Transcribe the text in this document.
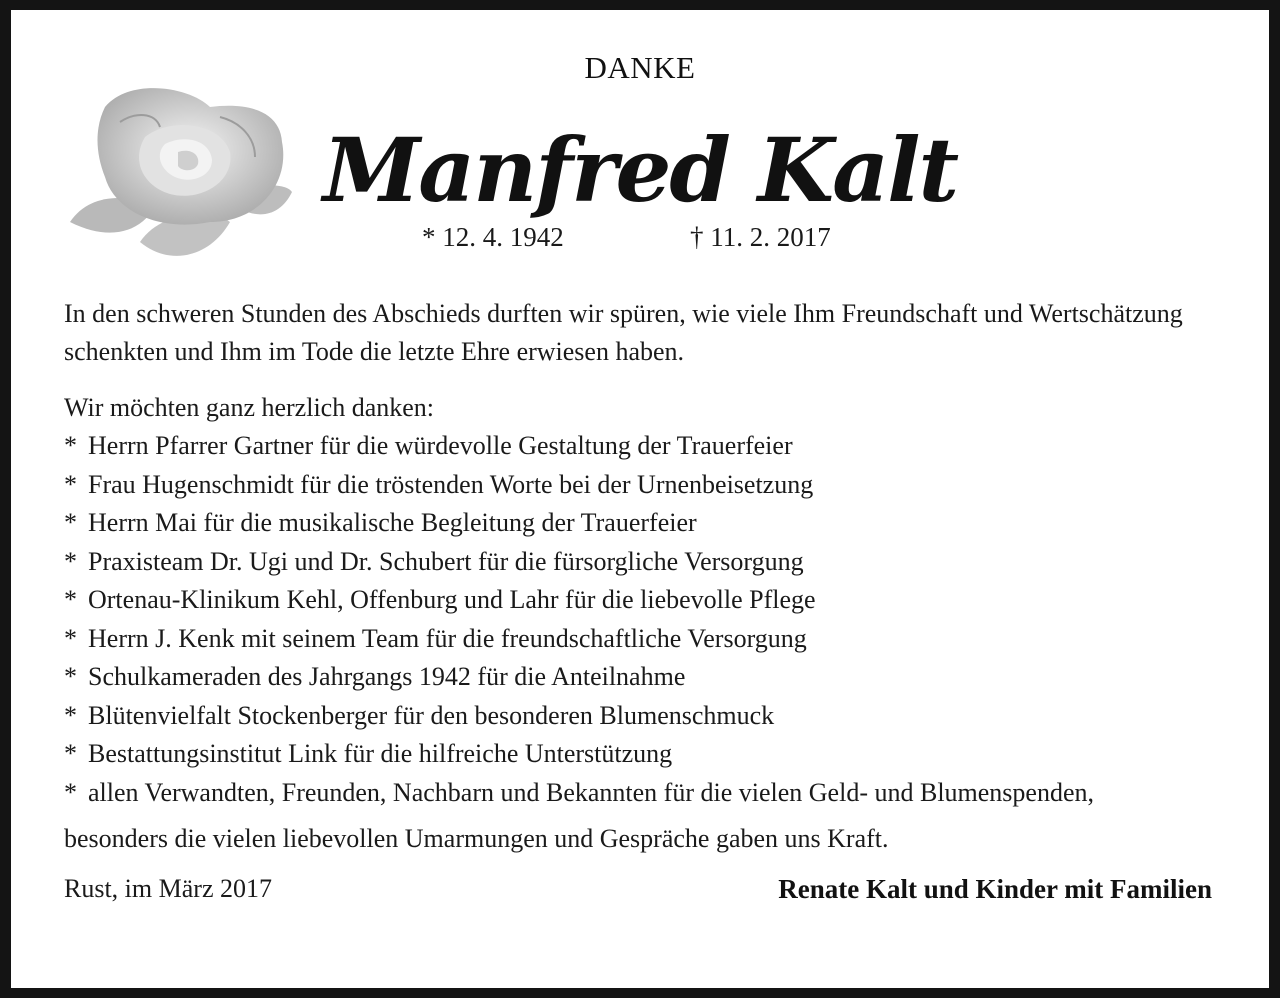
DANKE
Manfred Kalt
* 12. 4. 1942	† 11. 2. 2017
In den schweren Stunden des Abschieds durften wir spüren, wie viele Ihm Freundschaft und Wertschätzung schenkten und Ihm im Tode die letzte Ehre erwiesen haben.
Wir möchten ganz herzlich danken:
* Herrn Pfarrer Gartner für die würdevolle Gestaltung der Trauerfeier
* Frau Hugenschmidt für die tröstenden Worte bei der Urnenbeisetzung
* Herrn Mai für die musikalische Begleitung der Trauerfeier
* Praxisteam Dr. Ugi und Dr. Schubert für die fürsorgliche Versorgung
* Ortenau-Klinikum Kehl, Offenburg und Lahr für die liebevolle Pflege
* Herrn J. Kenk mit seinem Team für die freundschaftliche Versorgung
* Schulkameraden des Jahrgangs 1942 für die Anteilnahme
* Blütenvielfalt Stockenberger für den besonderen Blumenschmuck
* Bestattungsinstitut Link für die hilfreiche Unterstützung
* allen Verwandten, Freunden, Nachbarn und Bekannten für die vielen Geld- und Blumenspenden,
besonders die vielen liebevollen Umarmungen und Gespräche gaben uns Kraft.
Rust, im März 2017	Renate Kalt und Kinder mit Familien
